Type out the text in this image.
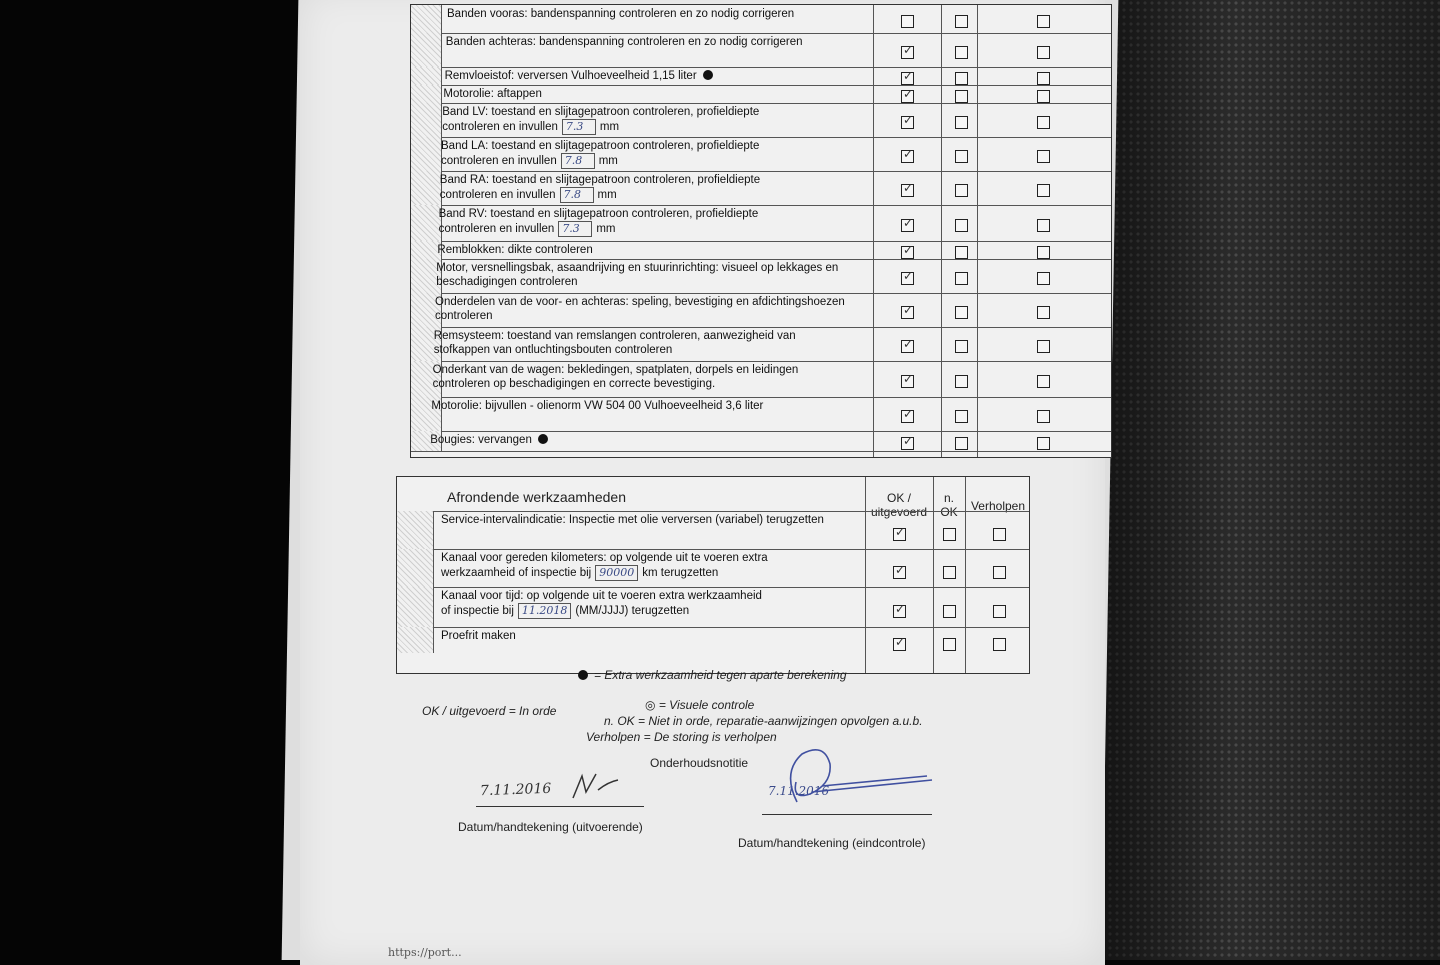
Banden vooras: bandenspanning controleren en zo nodig corrigeren
Banden achteras: bandenspanning controleren en zo nodig corrigeren
✓
Remvloeistof: verversen Vulhoeveelheid 1,15 liter
✓
Motorolie: aftappen
✓
Band LV: toestand en slijtagepatroon controleren, profieldiepte
controleren en invullen 7.3 mm
✓
Band LA: toestand en slijtagepatroon controleren, profieldiepte
controleren en invullen 7.8 mm
✓
Band RA: toestand en slijtagepatroon controleren, profieldiepte
controleren en invullen 7.8 mm
✓
Band RV: toestand en slijtagepatroon controleren, profieldiepte
controleren en invullen 7.3 mm
✓
Remblokken: dikte controleren
✓
Motor, versnellingsbak, asaandrijving en stuurinrichting: visueel op lekkages en beschadigingen controleren
✓
Onderdelen van de voor- en achteras: speling, bevestiging en afdichtingshoezen controleren
✓
Remsysteem: toestand van remslangen controleren, aanwezigheid van stofkappen van ontluchtingsbouten controleren
✓
Onderkant van de wagen: bekledingen, spatplaten, dorpels en leidingen controleren op beschadigingen en correcte bevestiging.
✓
Motorolie: bijvullen - olienorm VW 504 00 Vulhoeveelheid 3,6 liter
✓
Bougies: vervangen
✓
Afrondende werkzaamheden	OK / uitgevoerd
n. OK	Verholpen
Service-intervalindicatie: Inspectie met olie verversen (variabel) terugzetten
✓
Kanaal voor gereden kilometers: op volgende uit te voeren extra
werkzaamheid of inspectie bij 90000 km terugzetten
✓
Kanaal voor tijd: op volgende uit te voeren extra werkzaamheid
of inspectie bij 11.2018 (MM/JJJJ) terugzetten
✓
Proefrit maken
✓
= Extra werkzaamheid tegen aparte berekening
◎ = Visuele controle
OK / uitgevoerd = In orde
n. OK = Niet in orde, reparatie-aanwijzingen opvolgen a.u.b.
Verholpen = De storing is verholpen
Onderhoudsnotitie
7.11.2016
Datum/handtekening (uitvoerende)
7.11.2016
Datum/handtekening (eindcontrole)
https://port...
